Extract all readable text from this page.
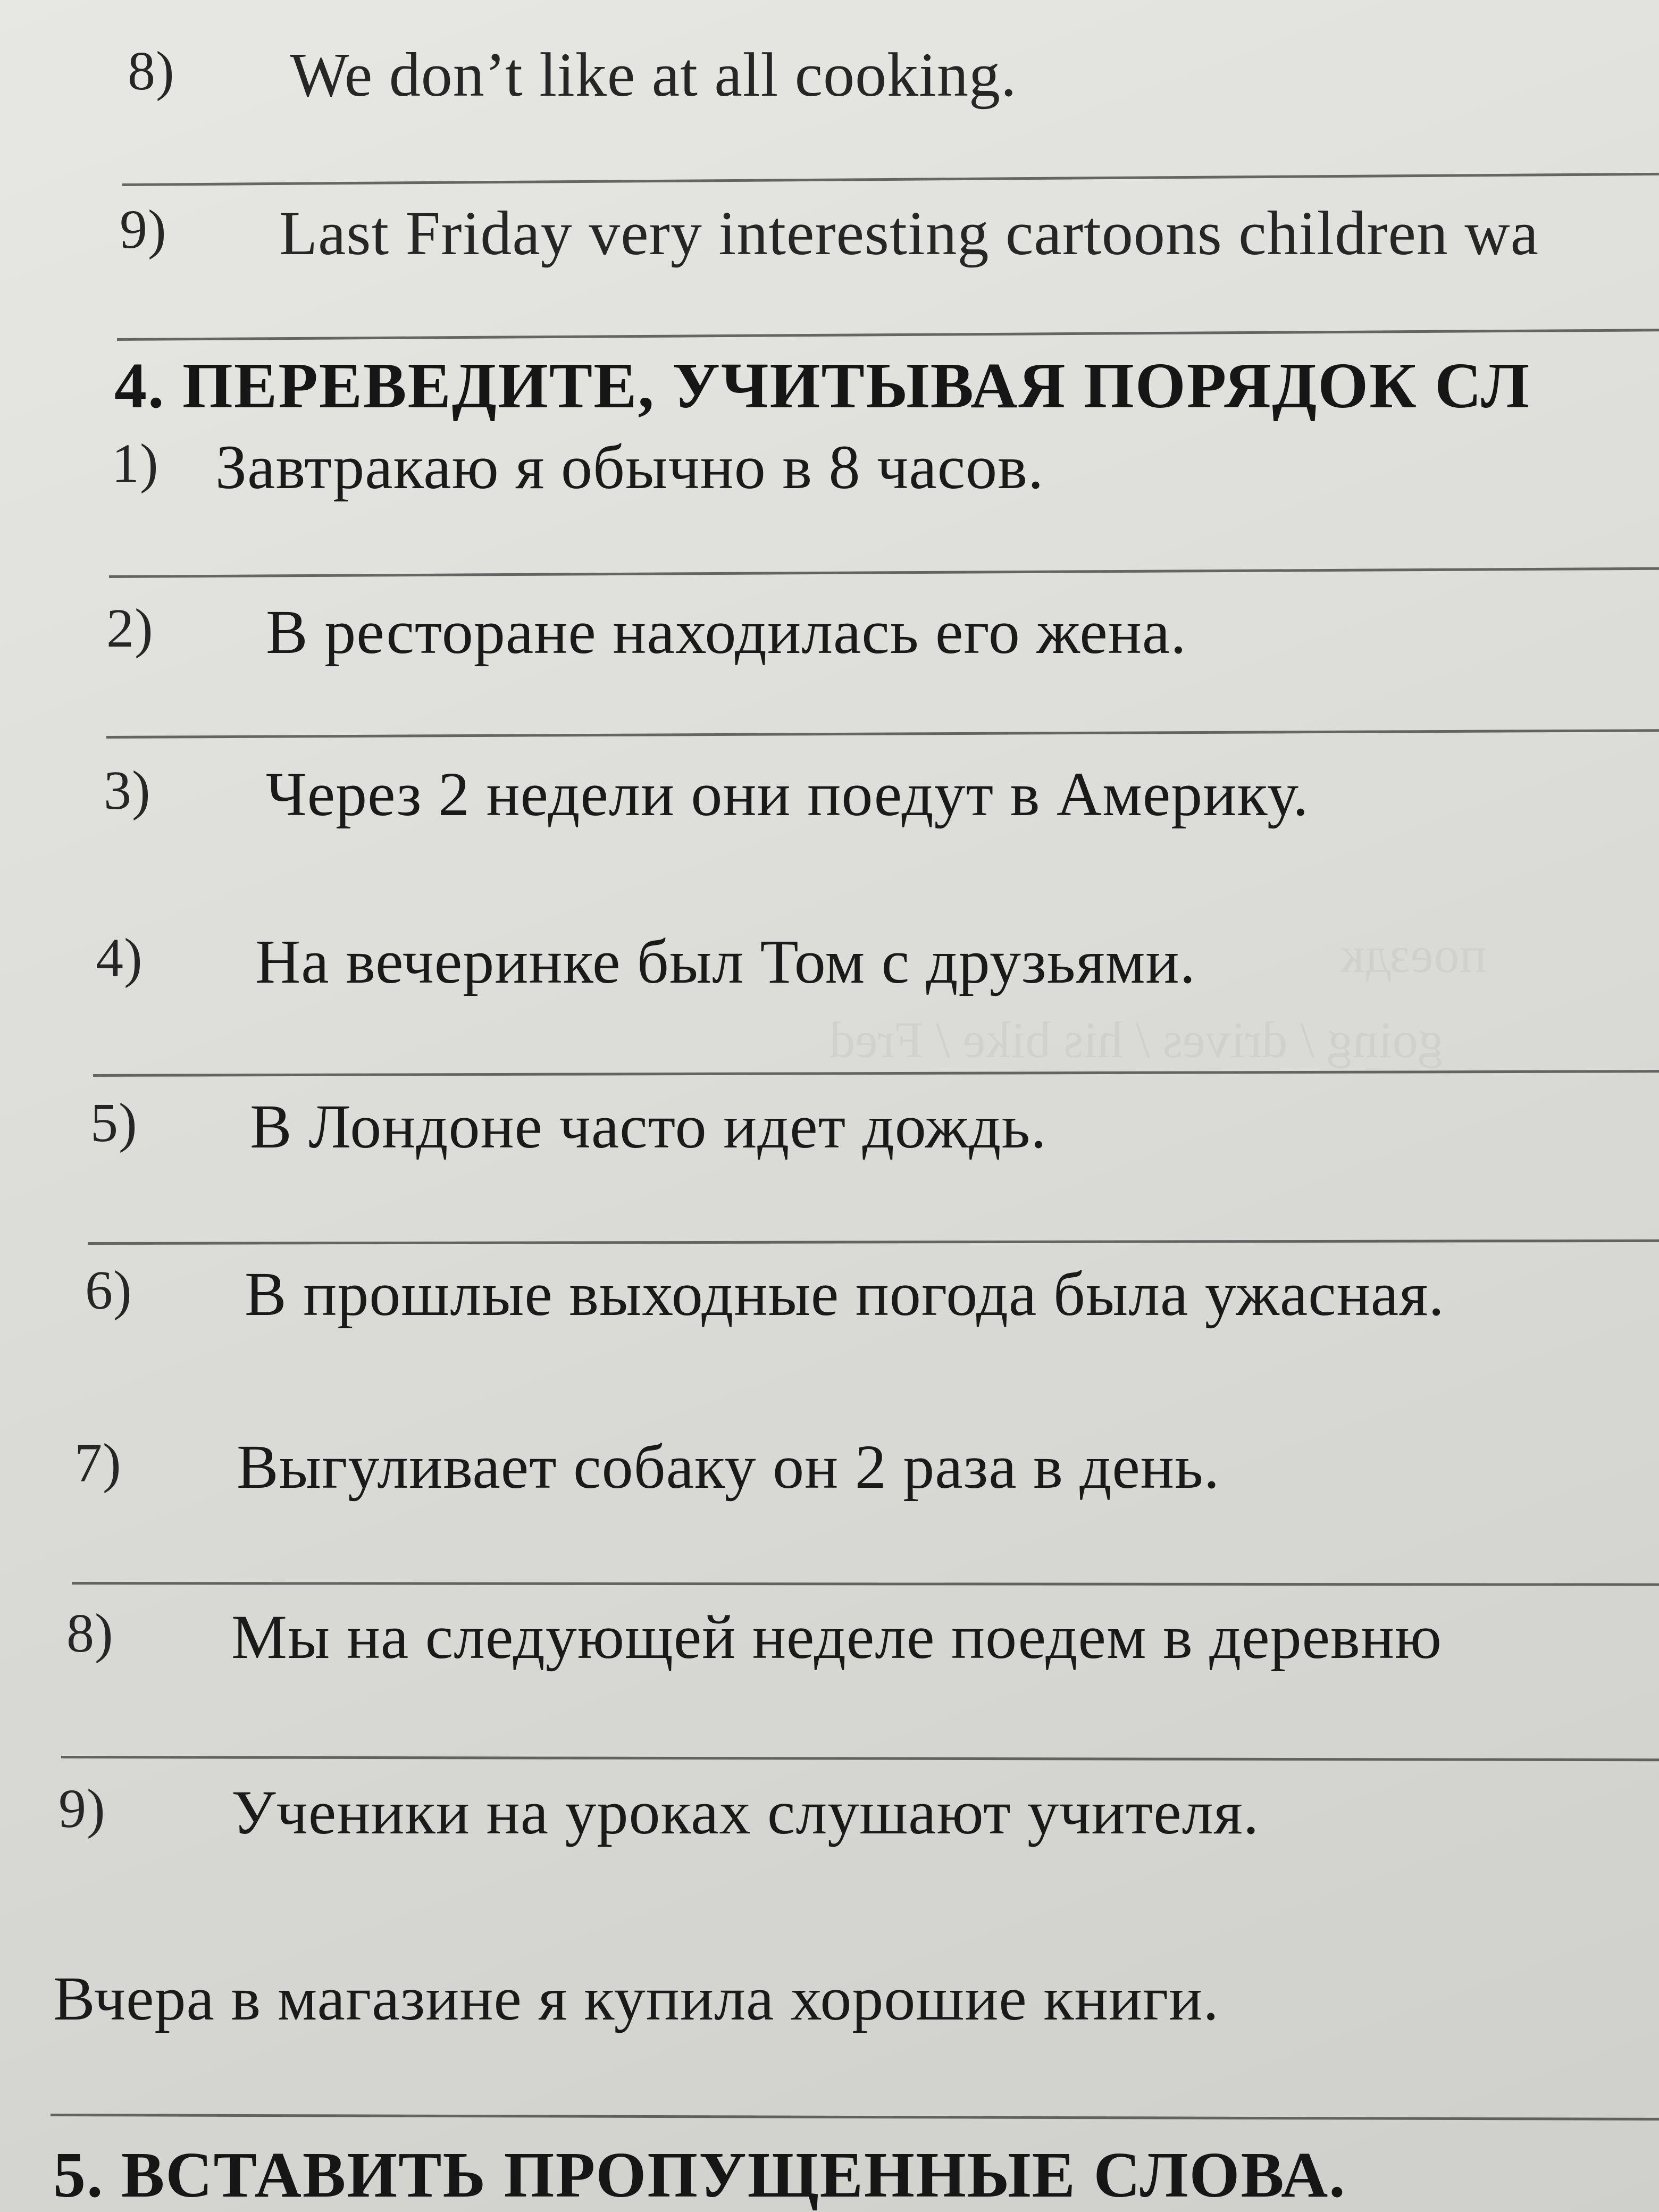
поездк
going / drives / his bike / Fred
8) We don’t like at all cooking.
9) Last Friday very interesting cartoons children wa
4. ПЕРЕВЕДИТЕ, УЧИТЫВАЯ ПОРЯДОК СЛ
1) Завтракаю я обычно в 8 часов.
2) В ресторане находилась его жена.
3) Через 2 недели они поедут в Америку.
4) На вечеринке был Том с друзьями.
5) В Лондоне часто идет дождь.
6) В прошлые выходные погода была ужасная.
7) Выгуливает собаку он 2 раза в день.
8) Мы на следующей неделе поедем в деревню
9) Ученики на уроках слушают учителя.
Вчера в магазине я купила хорошие книги.
5. ВСТАВИТЬ ПРОПУЩЕННЫЕ СЛОВА.
